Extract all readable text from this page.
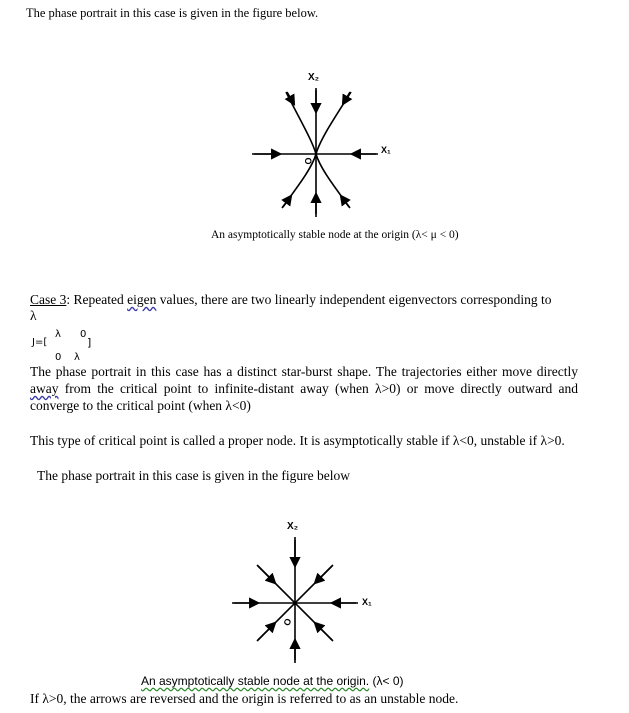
The phase portrait in this case is given in the figure below.
X₂
X₁
O
An asymptotically stable node at the origin (λ< μ < 0)
Case 3: Repeated eigen values, there are two linearly independent eigenvectors corresponding to
λ
J=[
λ 0
]
0 λ
The phase portrait in this case has a distinct star-burst shape. The trajectories either move directly
away from the critical point to infinite-distant away (when λ>0) or move directly outward and
converge to the critical point (when λ<0)
This type of critical point is called a proper node. It is asymptotically stable if λ<0, unstable if λ>0.
The phase portrait in this case is given in the figure below
X₂
X₁
O
An asymptotically stable node at the origin. (λ< 0)
If λ>0, the arrows are reversed and the origin is referred to as an unstable node.
